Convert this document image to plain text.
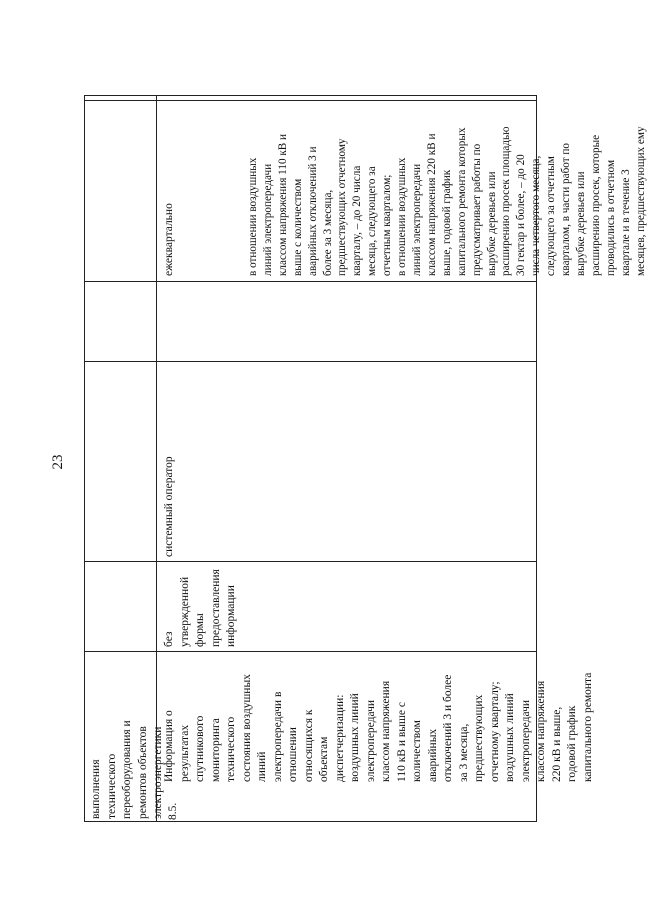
23
выполнения
технического
переоборудования и
ремонтов объектов
электроэнергетики 8.5.
Информация о
результатах
спутникового
мониторинга
технического
состояния воздушных
линий
электропередачи в
отношении
относящихся к
объектам
диспетчеризации:
воздушных линий
электропередачи
классом напряжения
110 кВ и выше с
количеством
аварийных
отключений 3 и более
за 3 месяца,
предшествующих
отчетному кварталу;
воздушных линий
электропередачи
классом напряжения
220 кВ и выше,
годовой график
капитального ремонта
без
утвержденной
формы
предоставления
информации
системный оператор
ежеквартально	в отношении воздушных
линий электропередачи
классом напряжения 110 кВ и
выше с количеством
аварийных отключений 3 и
более за 3 месяца,
предшествующих отчетному
кварталу, – до 20 числа
месяца, следующего за
отчетным кварталом;
в отношении воздушных
линий электропередачи
классом напряжения 220 кВ и
выше, годовой график
капитального ремонта которых
предусматривает работы по
вырубке деревьев или
расширению просек площадью
30 гектар и более, – до 20
числа четвертого месяца,
следующего за отчетным
кварталом, в части работ по
вырубке деревьев или
расширению просек, которые
проводились в отчетном
квартале и в течение 3
месяцев, предшествующих ему
